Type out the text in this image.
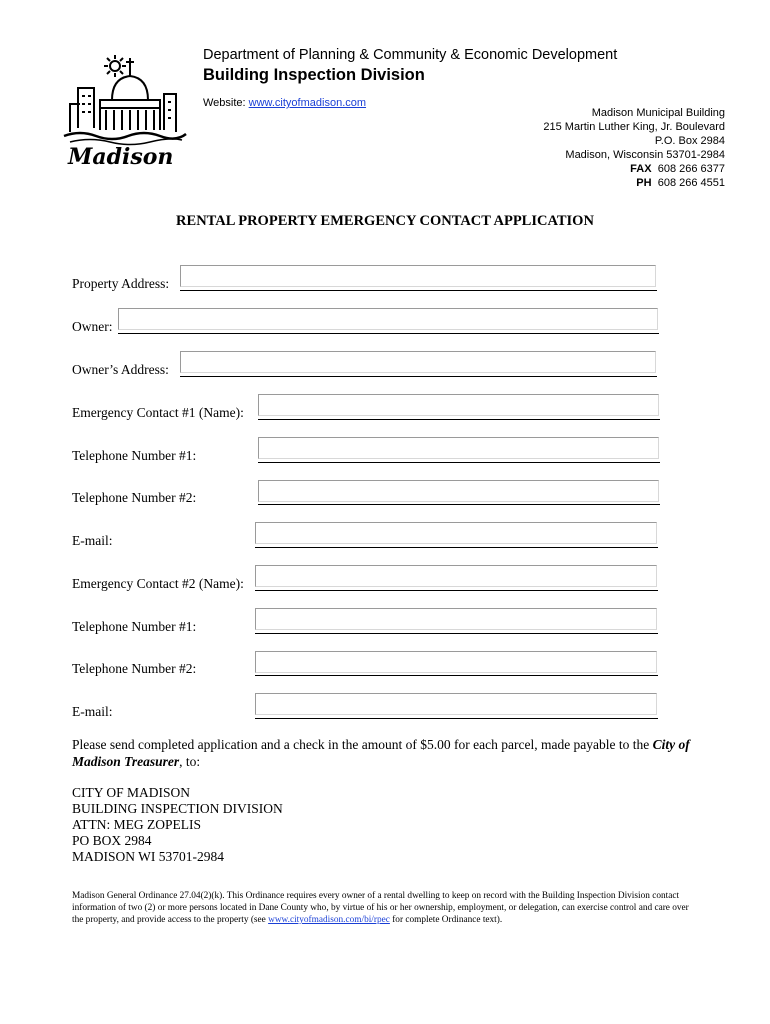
Madison
Department of Planning & Community & Economic Development
Building Inspection Division
Website: www.cityofmadison.com
Madison Municipal Building
215 Martin Luther King, Jr. Boulevard
P.O. Box 2984
Madison, Wisconsin 53701-2984
FAX 608 266 6377
PH 608 266 4551
RENTAL PROPERTY EMERGENCY CONTACT APPLICATION
Property Address:
Owner:
Owner’s Address:
Emergency Contact #1 (Name):
Telephone Number #1:
Telephone Number #2:
E-mail:
Emergency Contact #2 (Name):
Telephone Number #1:
Telephone Number #2:
E-mail:
Please send completed application and a check in the amount of $5.00 for each parcel, made payable to the City of Madison Treasurer, to:
CITY OF MADISON
BUILDING INSPECTION DIVISION
ATTN: MEG ZOPELIS
PO BOX 2984
MADISON WI 53701-2984
Madison General Ordinance 27.04(2)(k). This Ordinance requires every owner of a rental dwelling to keep on record with the Building Inspection Division contact information of two (2) or more persons located in Dane County who, by virtue of his or her ownership, employment, or delegation, can exercise control and care over the property, and provide access to the property (see www.cityofmadison.com/bi/rpec for complete Ordinance text).
